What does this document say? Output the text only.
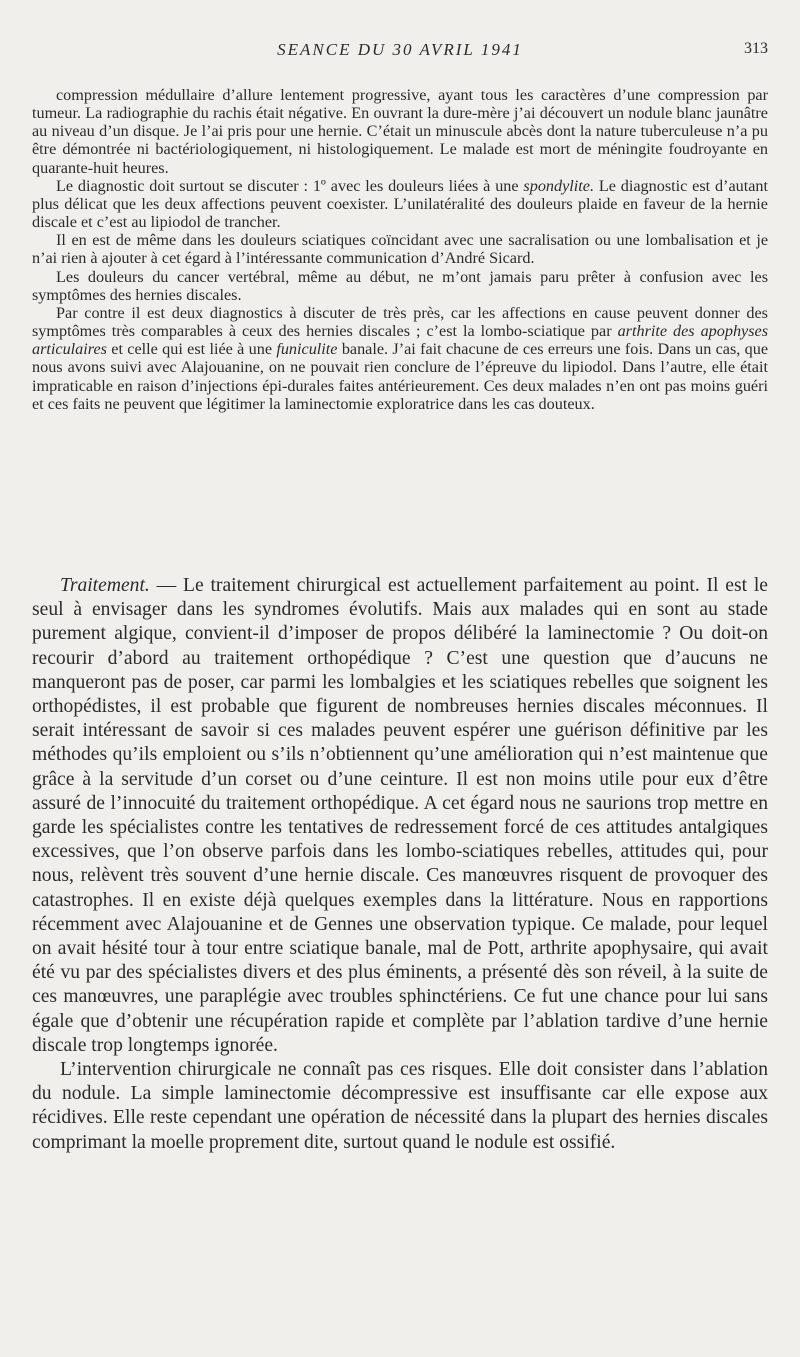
SEANCE DU 30 AVRIL 1941	313

compression médullaire d’allure lentement progressive, ayant tous les caractères d’une compression par tumeur. La radiographie du rachis était négative. En ouvrant la dure-mère j’ai découvert un nodule blanc jaunâtre au niveau d’un disque. Je l’ai pris pour une hernie. C’était un minuscule abcès dont la nature tuberculeuse n’a pu être démontrée ni bactériologiquement, ni histologiquement. Le malade est mort de méningite foudroyante en quarante-huit heures.

Le diagnostic doit surtout se discuter : 1º avec les douleurs liées à une spondylite. Le diagnostic est d’autant plus délicat que les deux affections peuvent coexister. L’unilatéralité des douleurs plaide en faveur de la hernie discale et c’est au lipiodol de trancher.

Il en est de même dans les douleurs sciatiques coïncidant avec une sacralisation ou une lombalisation et je n’ai rien à ajouter à cet égard à l’intéressante communication d’André Sicard.

Les douleurs du cancer vertébral, même au début, ne m’ont jamais paru prêter à confusion avec les symptômes des hernies discales.

Par contre il est deux diagnostics à discuter de très près, car les affections en cause peuvent donner des symptômes très comparables à ceux des hernies discales ; c’est la lombo-sciatique par arthrite des apophyses articulaires et celle qui est liée à une funiculite banale. J’ai fait chacune de ces erreurs une fois. Dans un cas, que nous avons suivi avec Alajouanine, on ne pouvait rien conclure de l’épreuve du lipiodol. Dans l’autre, elle était impraticable en raison d’injections épi-durales faites antérieurement. Ces deux malades n’en ont pas moins guéri et ces faits ne peuvent que légitimer la laminectomie exploratrice dans les cas douteux.

Traitement. — Le traitement chirurgical est actuellement parfaitement au point. Il est le seul à envisager dans les syndromes évolutifs. Mais aux malades qui en sont au stade purement algique, convient-il d’imposer de propos délibéré la laminectomie ? Ou doit-on recourir d’abord au traitement orthopédique ? C’est une question que d’aucuns ne manqueront pas de poser, car parmi les lombalgies et les sciatiques rebelles que soignent les orthopédistes, il est probable que figurent de nombreuses hernies discales méconnues. Il serait intéressant de savoir si ces malades peuvent espérer une guérison définitive par les méthodes qu’ils emploient ou s’ils n’obtiennent qu’une amélioration qui n’est maintenue que grâce à la servitude d’un corset ou d’une ceinture. Il est non moins utile pour eux d’être assuré de l’innocuité du traitement orthopédique. A cet égard nous ne saurions trop mettre en garde les spécialistes contre les tentatives de redressement forcé de ces attitudes antalgiques excessives, que l’on observe parfois dans les lombo-sciatiques rebelles, attitudes qui, pour nous, relèvent très souvent d’une hernie discale. Ces manœuvres risquent de provoquer des catastrophes. Il en existe déjà quelques exemples dans la littérature. Nous en rapportions récemment avec Alajouanine et de Gennes une observation typique. Ce malade, pour lequel on avait hésité tour à tour entre sciatique banale, mal de Pott, arthrite apophysaire, qui avait été vu par des spécialistes divers et des plus éminents, a présenté dès son réveil, à la suite de ces manœuvres, une paraplégie avec troubles sphinctériens. Ce fut une chance pour lui sans égale que d’obtenir une récupération rapide et complète par l’ablation tardive d’une hernie discale trop longtemps ignorée.

L’intervention chirurgicale ne connaît pas ces risques. Elle doit consister dans l’ablation du nodule. La simple laminectomie décompressive est insuffisante car elle expose aux récidives. Elle reste cependant une opération de nécessité dans la plupart des hernies discales comprimant la moelle proprement dite, surtout quand le nodule est ossifié.
